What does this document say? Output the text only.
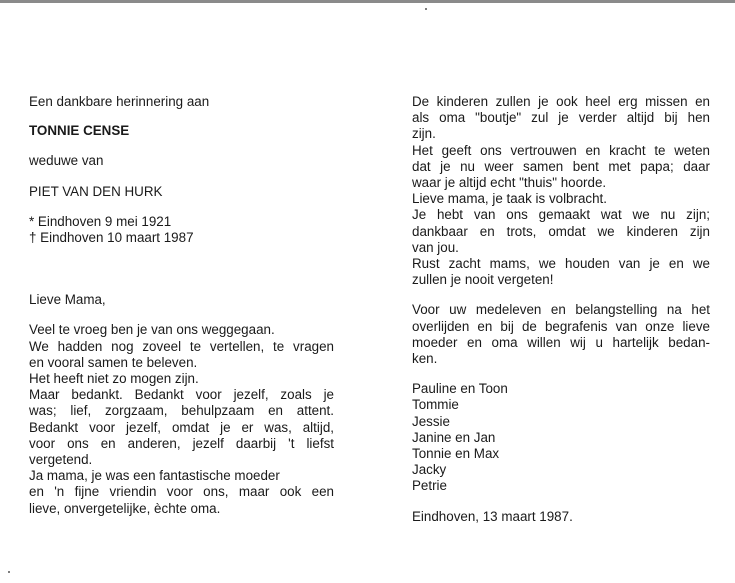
Een dankbare herinnering aan
TONNIE CENSE
weduwe van
PIET VAN DEN HURK
* Eindhoven 9 mei 1921
† Eindhoven 10 maart 1987
Lieve Mama,
Veel te vroeg ben je van ons weggegaan.
We hadden nog zoveel te vertellen, te vragen
en vooral samen te beleven.
Het heeft niet zo mogen zijn.
Maar bedankt. Bedankt voor jezelf, zoals je
was; lief, zorgzaam, behulpzaam en attent.
Bedankt voor jezelf, omdat je er was, altijd,
voor ons en anderen, jezelf daarbij 't liefst
vergetend.
Ja mama, je was een fantastische moeder
en 'n fijne vriendin voor ons, maar ook een
lieve, onvergetelijke, èchte oma.
De kinderen zullen je ook heel erg missen en
als oma "boutje" zul je verder altijd bij hen
zijn.
Het geeft ons vertrouwen en kracht te weten
dat je nu weer samen bent met papa; daar
waar je altijd echt "thuis" hoorde.
Lieve mama, je taak is volbracht.
Je hebt van ons gemaakt wat we nu zijn;
dankbaar en trots, omdat we kinderen zijn
van jou.
Rust zacht mams, we houden van je en we
zullen je nooit vergeten!
Voor uw medeleven en belangstelling na het
overlijden en bij de begrafenis van onze lieve
moeder en oma willen wij u hartelijk bedan-
ken.
Pauline en Toon
Tommie
Jessie
Janine en Jan
Tonnie en Max
Jacky
Petrie
Eindhoven, 13 maart 1987.
